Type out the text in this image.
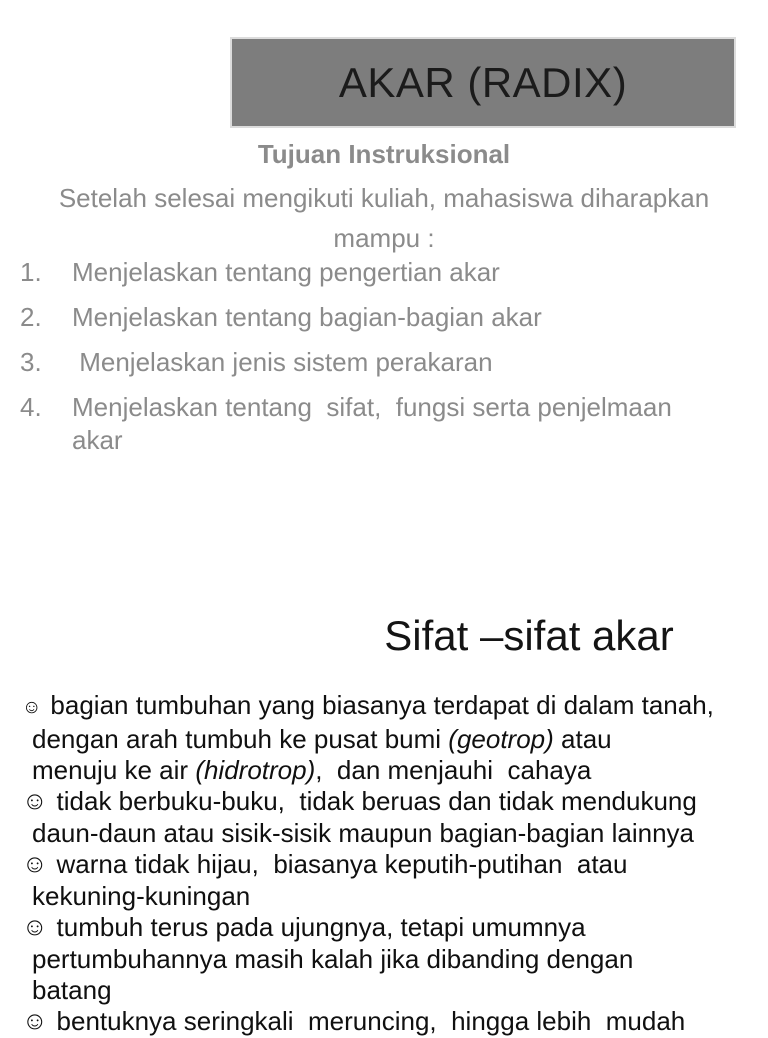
AKAR (RADIX)
Tujuan Instruksional
Setelah selesai mengikuti kuliah, mahasiswa diharapkan
mampu :
1.	Menjelaskan tentang pengertian akar
2.	Menjelaskan tentang bagian-bagian akar
3.	Menjelaskan jenis sistem perakaran
4.	Menjelaskan tentang  sifat,  fungsi serta penjelmaan
akar
Sifat –sifat akar
☺ bagian tumbuhan yang biasanya terdapat di dalam tanah,
dengan arah tumbuh ke pusat bumi (geotrop) atau
menuju ke air (hidrotrop),  dan menjauhi  cahaya
☺ tidak berbuku-buku,  tidak beruas dan tidak mendukung
daun-daun atau sisik-sisik maupun bagian-bagian lainnya
☺ warna tidak hijau,  biasanya keputih-putihan  atau
kekuning-kuningan
☺ tumbuh terus pada ujungnya, tetapi umumnya
pertumbuhannya masih kalah jika dibanding dengan
batang
☺ bentuknya seringkali  meruncing,  hingga lebih  mudah
